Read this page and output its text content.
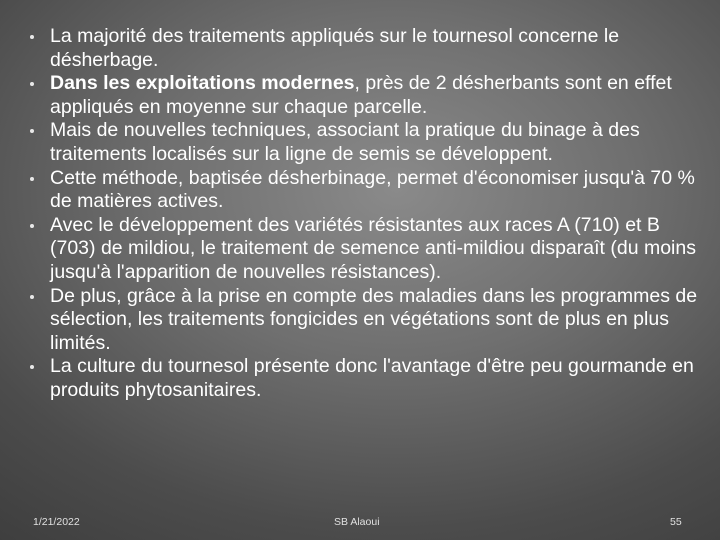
La majorité des traitements appliqués sur le tournesol concerne le désherbage.
Dans les exploitations modernes, près de 2 désherbants sont en effet appliqués en moyenne sur chaque parcelle.
Mais de nouvelles techniques, associant la pratique du binage à des traitements localisés sur la ligne de semis se développent.
Cette méthode, baptisée désherbinage, permet d'économiser jusqu'à 70 % de matières actives.
Avec le développement des variétés résistantes aux races A (710) et B (703) de mildiou, le traitement de semence anti-mildiou disparaît (du moins jusqu'à l'apparition de nouvelles résistances).
De plus, grâce à la prise en compte des maladies dans les programmes de sélection, les traitements fongicides en végétations sont de plus en plus limités.
La culture du tournesol présente donc l'avantage d'être peu gourmande en produits phytosanitaires.
1/21/2022	SB Alaoui	55
